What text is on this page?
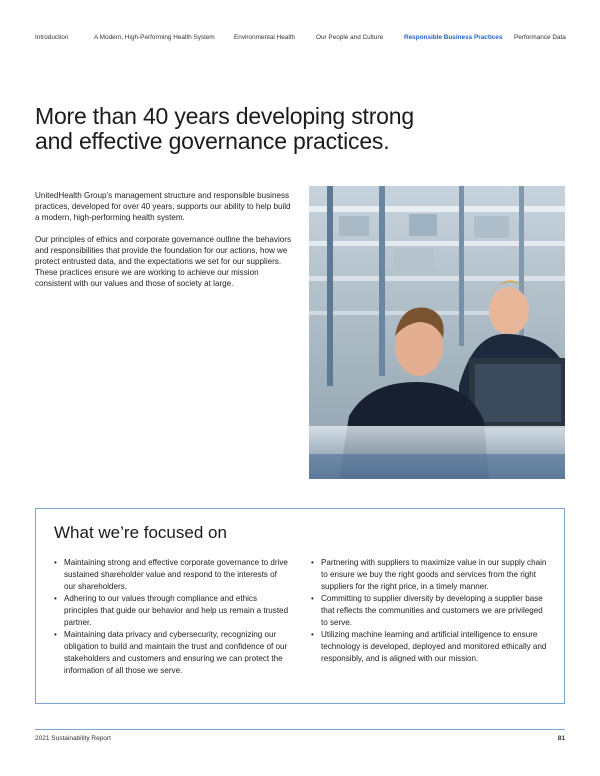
Introduction	A Modern, High-Performing Health System	Environmental Health	Our People and Culture	Responsible Business Practices Performance Data
More than 40 years developing strong
and effective governance practices.

UnitedHealth Group’s management structure and responsible business practices, developed for over 40 years, supports our ability to help build a modern, high-performing health system.

Our principles of ethics and corporate governance outline the behaviors and responsibilities that provide the foundation for our actions, how we protect entrusted data, and the expectations we set for our suppliers. These practices ensure we are working to achieve our mission consistent with our values and those of society at large.

What we’re focused on
• Maintaining strong and effective corporate governance to drive sustained shareholder value and respond to the interests of our shareholders.
• Adhering to our values through compliance and ethics principles that guide our behavior and help us remain a trusted partner.
• Maintaining data privacy and cybersecurity, recognizing our obligation to build and maintain the trust and confidence of our stakeholders and customers and ensuring we can protect the information of all those we serve.
• Partnering with suppliers to maximize value in our supply chain to ensure we buy the right goods and services from the right suppliers for the right price, in a timely manner.
• Committing to supplier diversity by developing a supplier base that reflects the communities and customers we are privileged to serve.
• Utilizing machine learning and artificial intelligence to ensure technology is developed, deployed and monitored ethically and responsibly, and is aligned with our mission.
2021 Sustainability Report	81
